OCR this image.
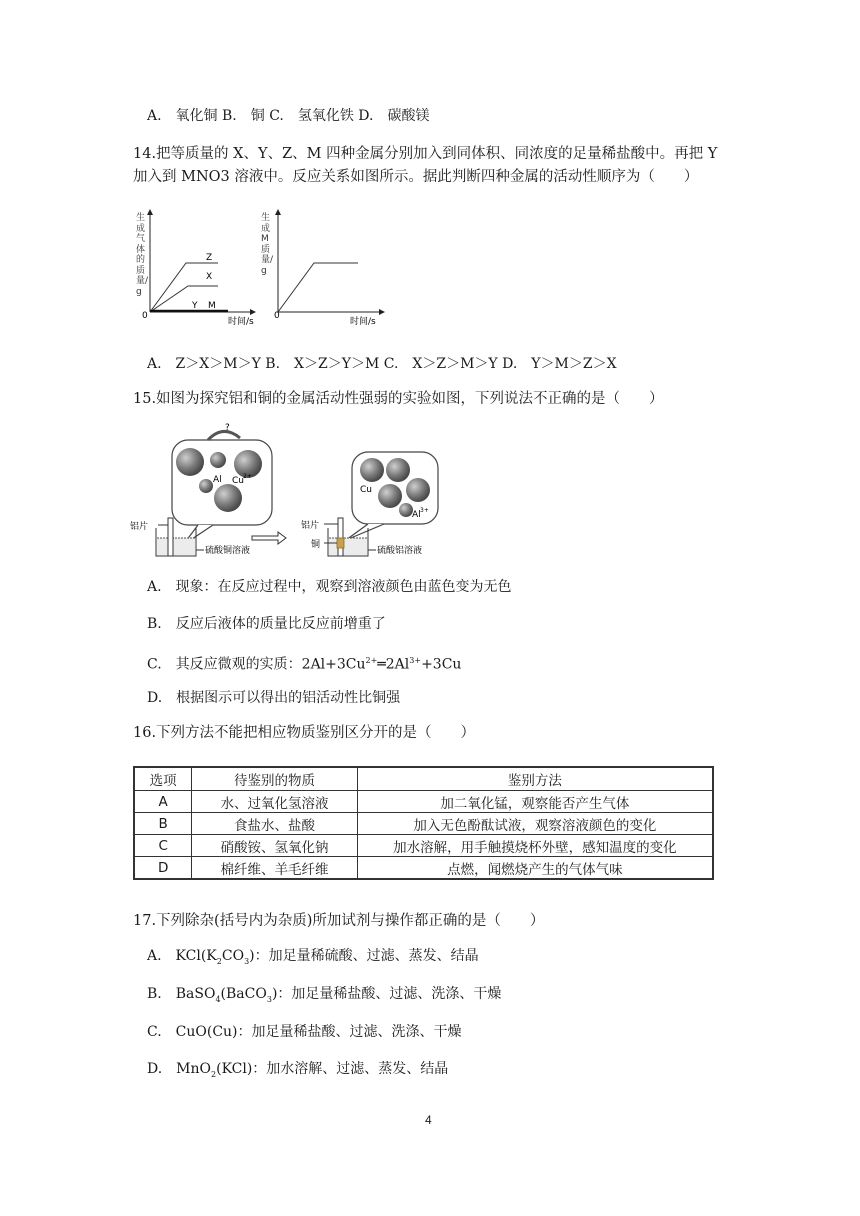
A.　氧化铜 B.　铜 C.　氢氧化铁 D.　碳酸镁
14.把等质量的 X、Y、Z、M 四种金属分别加入到同体积、同浓度的足量稀盐酸中。再把 Y
加入到 MNO3 溶液中。反应关系如图所示。据此判断四种金属的活动性顺序为（　　）
Z
X
Y M
0
时间/s
生成气体的质量/g
0
时间/s
生成M质量/g
A.　Z＞X＞M＞Y B.　X＞Z＞Y＞M C.　X＞Z＞M＞Y D.　Y＞M＞Z＞X
15.如图为探究铝和铜的金属活动性强弱的实验如图，下列说法不正确的是（　　）
Al Cu 2+
?
铝片
硫酸铜溶液
Cu
Al 3+
铝片
铜
硫酸铝溶液
A.　现象：在反应过程中，观察到溶液颜色由蓝色变为无色
B.　反应后液体的质量比反应前增重了
C.　其反应微观的实质：$2Al+3Cu^{2+}═2Al^{3+}+3Cu$
D.　根据图示可以得出的铝活动性比铜强
16.下列方法不能把相应物质鉴别区分开的是（　　）
选项	待鉴别的物质	鉴别方法
A	水、过氧化氢溶液	加二氧化锰，观察能否产生气体
B	食盐水、盐酸	加入无色酚酞试液，观察溶液颜色的变化
C	硝酸铵、氢氧化钠	加水溶解，用手触摸烧杯外壁，感知温度的变化
D	棉纤维、羊毛纤维	点燃，闻燃烧产生的气体气味
17.下列除杂(括号内为杂质)所加试剂与操作都正确的是（　　）
A.　$KCl(K_2CO_3)$：加足量稀硫酸、过滤、蒸发、结晶
B.　BaSO$_4$(BaCO$_3$)：加足量稀盐酸、过滤、洗涤、干燥
C.　CuO(Cu)：加足量稀盐酸、过滤、洗涤、干燥
D.　MnO$_2$(KCl)：加水溶解、过滤、蒸发、结晶
4
